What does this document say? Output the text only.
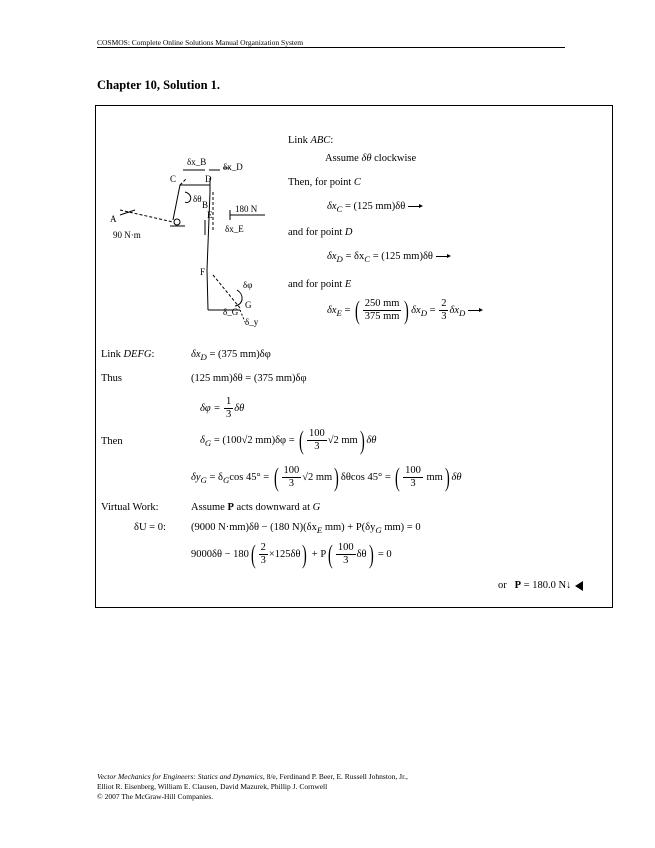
COSMOS: Complete Online Solutions Manual Organization System
Chapter 10, Solution 1.
δx_B δx_D
C	D
B
δθ
A
90 N·m
180 N
δx_E
E
F
δφ
G
δ_G
δ_y
Link ABC:
Assume δθ clockwise
Then, for point C
$\delta x_C = (125$ mm)δθ
and for point D
$\delta x_D = \delta x_C = (125$ mm)δθ
and for point E
$\delta x_E$ = ( $\frac{250 mm}{375 mm}$ ) $\delta x_D = \frac{2}{3} \delta x_D$
Link DEFG:	$\delta x_D = (375$ mm)δφ
Thus	(125 mm)δθ = (375 mm)δφ
$\delta\varphi = \frac{1}{3}$ δθ
Then	$\delta_G = (100√2$ mm)δφ = ( $\frac{100}{3} √2$ mm) δθ
$\delta y_G = \delta_G\cos$ 45° = ( $\frac{100}{3} √2$ mm) δθcos 45° = ( $\frac{100}{3} mm$) δθ
Virtual Work:	Assume P acts downward at G
δU = 0: (9000 N·mm)δθ − (180 $N)(\delta x_E$ $mm) + P(\delta y_G$ mm) = 0
$9000\delta\theta - 180( \frac{2}{3} \times 125\delta\theta) + P( \frac{100}{3} \delta\theta) = 0$
or P = 180.0 N↓
Vector Mechanics for Engineers: Statics and Dynamics, 8/e, Ferdinand P. Beer, E. Russell Johnston, Jr.,
Elliot R. Eisenberg, William E. Clausen, David Mazurek, Phillip J. Cornwell
© 2007 The McGraw-Hill Companies.
